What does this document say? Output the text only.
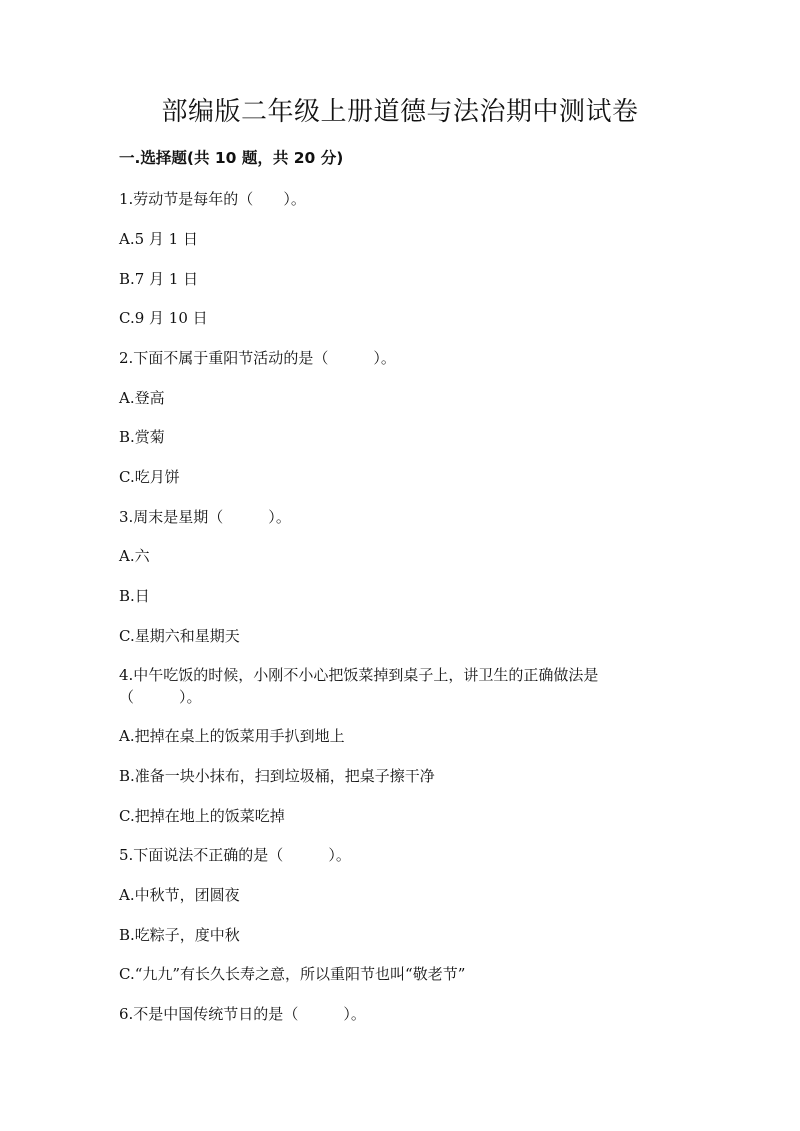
部编版二年级上册道德与法治期中测试卷
一.选择题(共 10 题，共 20 分)
1.劳动节是每年的（　　）。
A.5 月 1 日
B.7 月 1 日
C.9 月 10 日
2.下面不属于重阳节活动的是（　　　）。
A.登高
B.赏菊
C.吃月饼
3.周末是星期（　　　）。
A.六
B.日
C.星期六和星期天
4.中午吃饭的时候，小刚不小心把饭菜掉到桌子上，讲卫生的正确做法是
（　　　）。
A.把掉在桌上的饭菜用手扒到地上
B.准备一块小抹布，扫到垃圾桶，把桌子擦干净
C.把掉在地上的饭菜吃掉
5.下面说法不正确的是（　　　）。
A.中秋节，团圆夜
B.吃粽子，度中秋
C.“九九”有长久长寿之意，所以重阳节也叫“敬老节”
6.不是中国传统节日的是（　　　）。
